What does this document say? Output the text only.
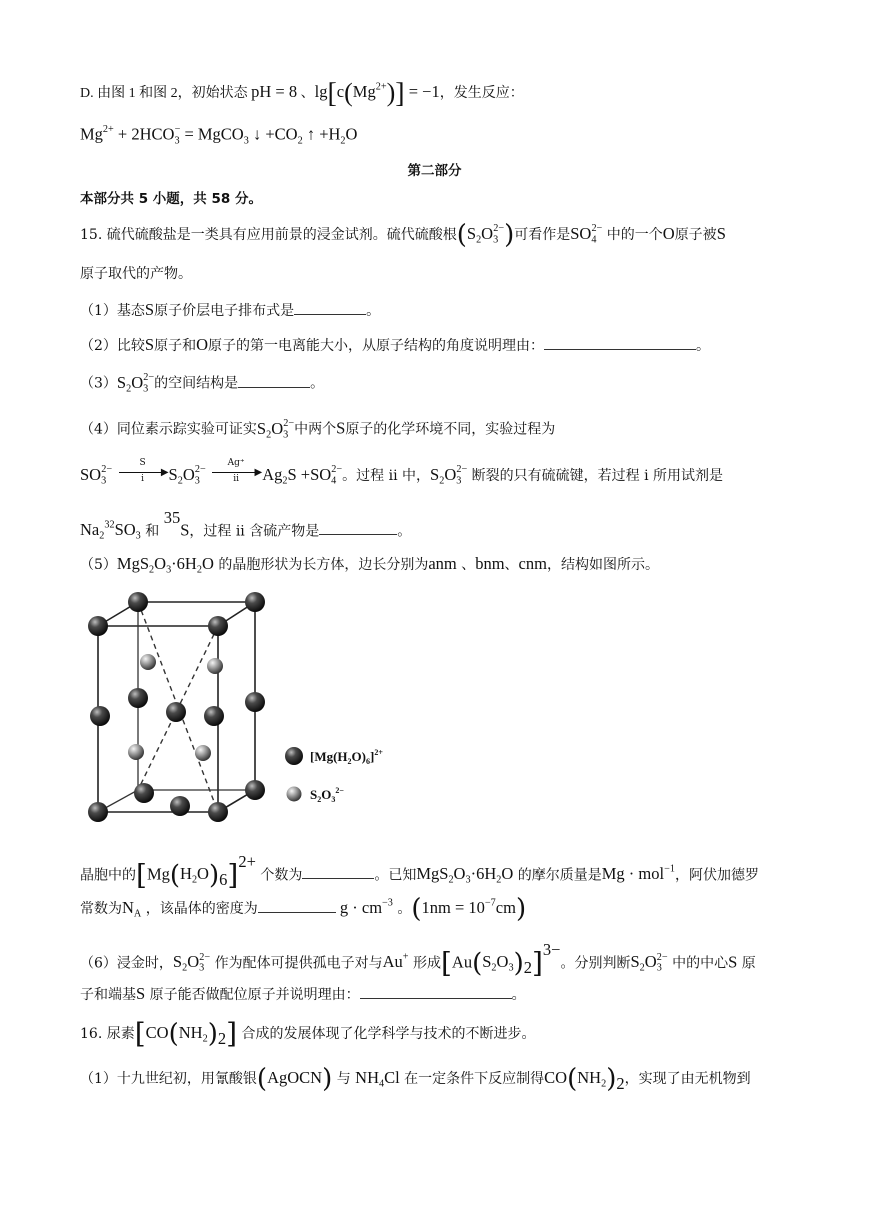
D. 由图 1 和图 2，初始状态 pH = 8 、$\lg[c(Mg^{2+})] = -1$，发生反应：
$Mg^{2+} + 2HCO_3^-$ = MgCO$_3$ ↓ $+CO_2$ ↑ $+H_2O$
第二部分
本部分共 5 小题，共 58 分。
15. 硫代硫酸盐是一类具有应用前景的浸金试剂。硫代硫酸根$(S_2O_3^{2-})$可看作是$SO_4^{2-}$ 中的一个O原子被S
原子取代的产物。
（1）基态S原子价层电子排布式是	。
（2）比较S原子和O原子的第一电离能大小，从原子结构的角度说明理由：	。
$(3)S_2O_3^{2-}$的空间结构是	。
（4）同位素示踪实验可证实$S_2O_3^{2-}$中两个S原子的化学环境不同，实验过程为
$SO_3^{2-}$
S
▶
i	$S_2O_3^{2-}$
Ag⁺
▶
ii	$Ag_2S +SO_4^{2-}$。过程 ii 中，$S_2O_3^{2-}$ 断裂的只有硫硫键，若过程 i 所用试剂是
$Na_2^{32}SO_3$ 和 $^{35}$S，过程 ii 含硫产物是	。
$(5)MgS_2O_3\cdot 6H_2O$ 的晶胞形状为长方体，边长分别为anm 、bnm、cnm，结构如图所示。
$[Mg(H_2O)_6]^{2+}$
$S_2O_3^{2-}$
晶胞中的$[Mg(H_2O)_6]^{2+}$ 个数为	。已知$MgS_2O_3\cdot 6H_2O$ 的摩尔质量是Mg · mol$^{-1}$，阿伏加德罗
常数为$N_A$ ，该晶体的密度为	$g \cdot cm^{-3}$ 。$(1nm = 10^{-7}cm)$
（6）浸金时，$S_2O_3^{2-}$ 作为配体可提供孤电子对与Au+ 形成$[Au(S_2O_3)_2]^{3-}$。分别判断$S_2O_3^{2-}$ 中的中心S 原
子和端基S 原子能否做配位原子并说明理由：	。
16. 尿素$[CO(NH_2)_2]$ 合成的发展体现了化学科学与技术的不断进步。
（1）十九世纪初，用氰酸银(AgOCN) 与 $NH_4Cl$ 在一定条件下反应制得$CO(NH_2)_2$，实现了由无机物到
